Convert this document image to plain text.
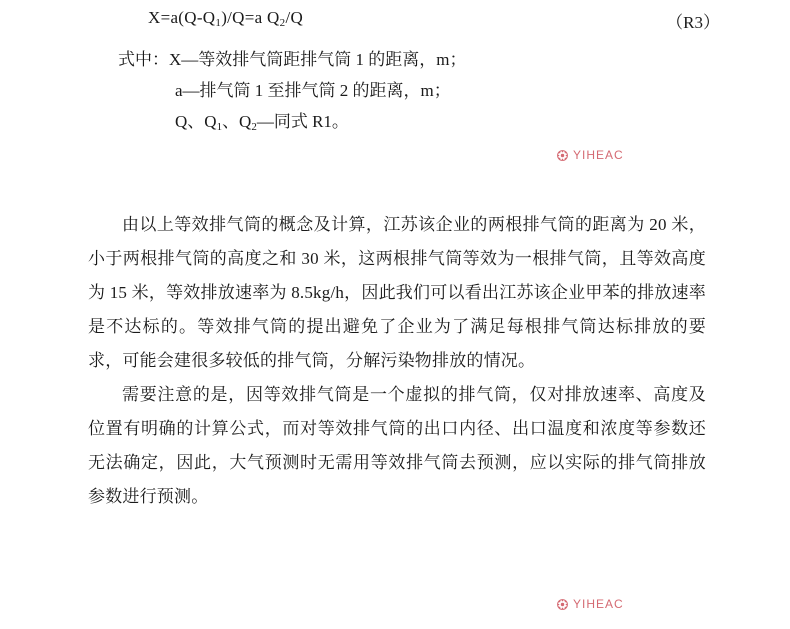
$X=a(Q-Q_1)/Q=a$ $Q_2/Q$	（R3）
式中：X—等效排气筒距排气筒 1 的距离，m；
a—排气筒 1 至排气筒 2 的距离，m；
Q、$Q_1$、$Q_2—$同式 R1。

由以上等效排气筒的概念及计算，江苏该企业的两根排气筒的距离为 20 米，小于两根排气筒的高度之和 30 米，这两根排气筒等效为一根排气筒，且等效高度为 15 米，等效排放速率为 8.5kg/h，因此我们可以看出江苏该企业甲苯的排放速率是不达标的。等效排气筒的提出避免了企业为了满足每根排气筒达标排放的要求，可能会建很多较低的排气筒，分解污染物排放的情况。

需要注意的是，因等效排气筒是一个虚拟的排气筒，仅对排放速率、高度及位置有明确的计算公式，而对等效排气筒的出口内径、出口温度和浓度等参数还无法确定，因此，大气预测时无需用等效排气筒去预测，应以实际的排气筒排放参数进行预测。

YIHEAC
YIHEAC
